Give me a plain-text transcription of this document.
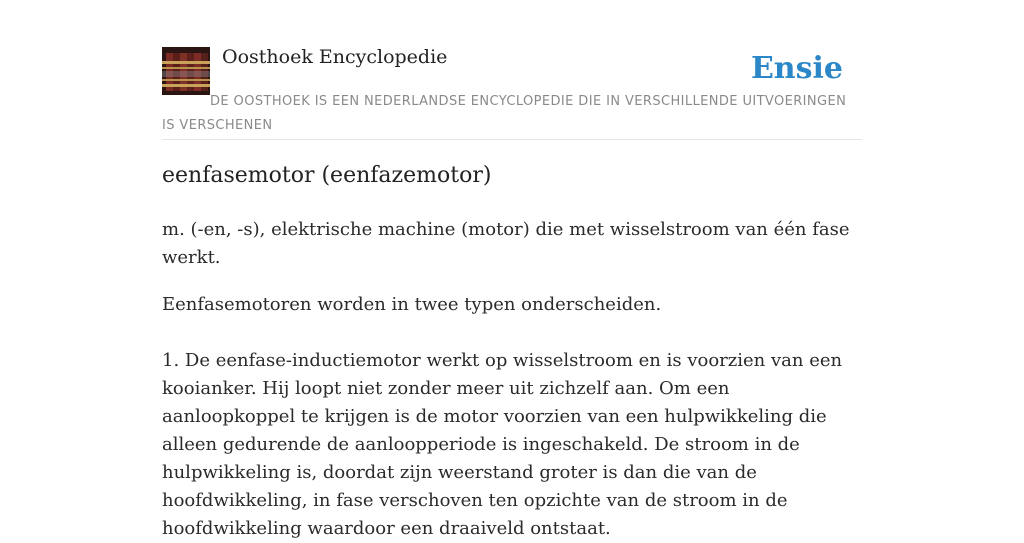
Oosthoek Encyclopedie	Ensie
DE OOSTHOEK IS EEN NEDERLANDSE ENCYCLOPEDIE DIE IN VERSCHILLENDE UITVOERINGEN IS VERSCHENEN
eenfasemotor (eenfazemotor)

m. (-en, -s), elektrische machine (motor) die met wisselstroom van één fase werkt.

Eenfasemotoren worden in twee typen onderscheiden.

1. De eenfase-inductiemotor werkt op wisselstroom en is voorzien van een kooianker. Hij loopt niet zonder meer uit zichzelf aan. Om een aanloopkoppel te krijgen is de motor voorzien van een hulpwikkeling die alleen gedurende de aanloopperiode is ingeschakeld. De stroom in de hulpwikkeling is, doordat zijn weerstand groter is dan die van de hoofdwikkeling, in fase verschoven ten opzichte van de stroom in de hoofdwikkeling waardoor een draaiveld ontstaat.
